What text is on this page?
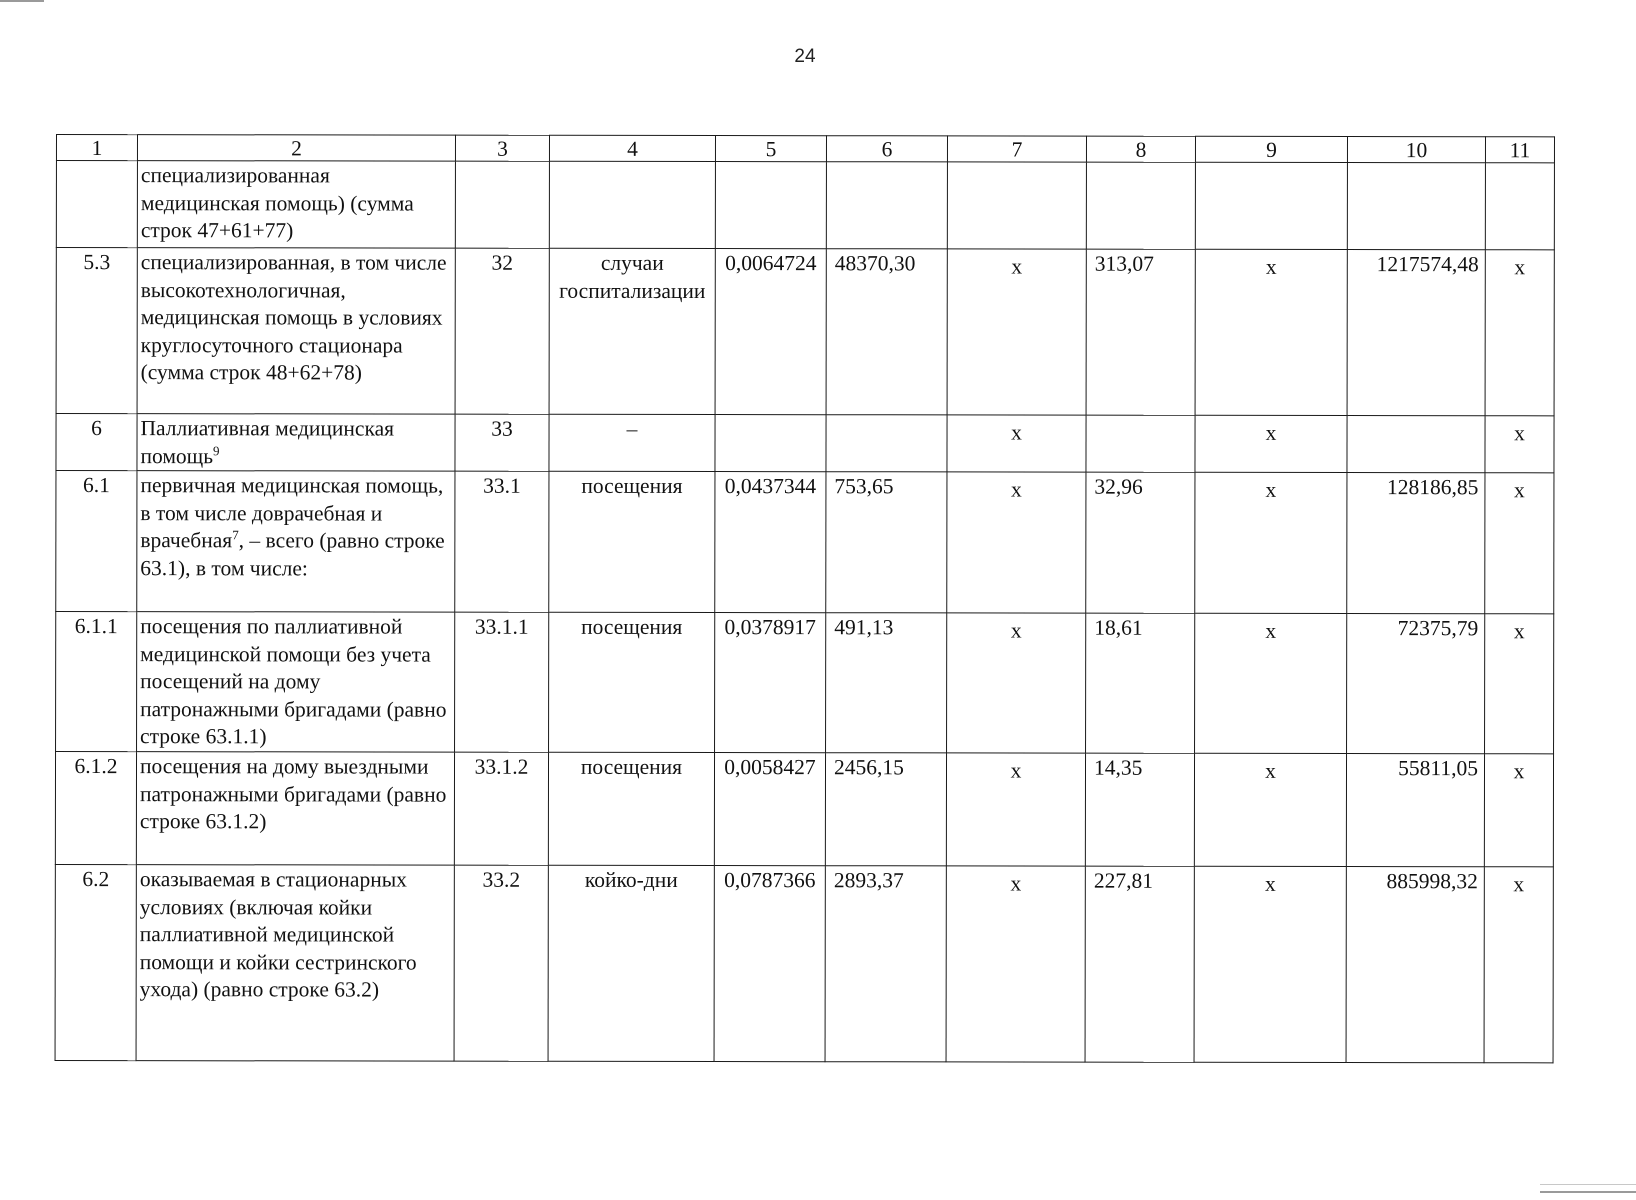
24
1	2	3	4	5	6	7	8	9	10	11
	специализированная медицинская помощь) (сумма строк 47+61+77)									
5.3	специализированная, в том числе высокотехнологичная, медицинская помощь в условиях круглосуточного стационара (сумма строк 48+62+78)	32	случаи госпитализации	0,0064724	48370,30	х	313,07	х	1217574,48	х
6	Паллиативная медицинская помощь$^9$	33	–			х		х		х
6.1	первичная медицинская помощь, в том числе доврачебная и врачебная$^7$, – всего (равно строке 63.1), в том числе:	33.1	посещения	0,0437344	753,65	х	32,96	х	128186,85	х
6.1.1	посещения по паллиативной медицинской помощи без учета посещений на дому патронажными бригадами (равно строке 63.1.1)	33.1.1	посещения	0,0378917	491,13	х	18,61	х	72375,79	х
6.1.2	посещения на дому выездными патронажными бригадами (равно строке 63.1.2)	33.1.2	посещения	0,0058427	2456,15	х	14,35	х	55811,05	х
6.2	оказываемая в стационарных условиях (включая койки паллиативной медицинской помощи и койки сестринского ухода) (равно строке 63.2)	33.2	койко-дни	0,0787366	2893,37	х	227,81	х	885998,32	х
